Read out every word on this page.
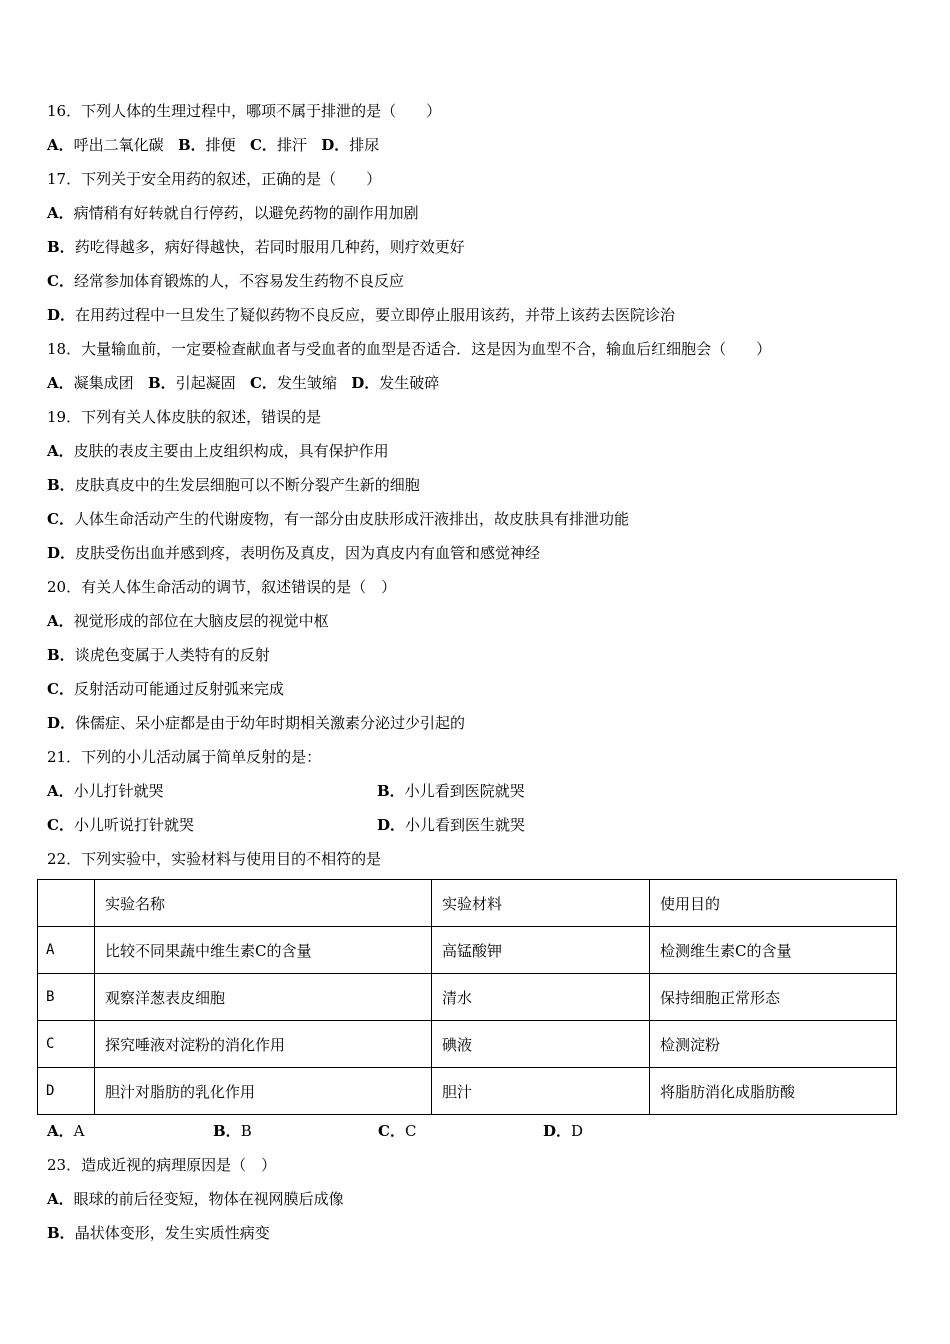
16．下列人体的生理过程中，哪项不属于排泄的是（　　）
A．呼出二氧化碳 B．排便 C．排汗 D．排尿
17．下列关于安全用药的叙述，正确的是（　　）
A．病情稍有好转就自行停药，以避免药物的副作用加剧
B．药吃得越多，病好得越快，若同时服用几种药，则疗效更好
C．经常参加体育锻炼的人，不容易发生药物不良反应
D．在用药过程中一旦发生了疑似药物不良反应，要立即停止服用该药，并带上该药去医院诊治
18．大量输血前，一定要检查献血者与受血者的血型是否适合．这是因为血型不合，输血后红细胞会（　　）
A．凝集成团 B．引起凝固 C．发生皱缩 D．发生破碎
19．下列有关人体皮肤的叙述，错误的是
A．皮肤的表皮主要由上皮组织构成，具有保护作用
B．皮肤真皮中的生发层细胞可以不断分裂产生新的细胞
C．人体生命活动产生的代谢废物，有一部分由皮肤形成汗液排出，故皮肤具有排泄功能
D．皮肤受伤出血并感到疼，表明伤及真皮，因为真皮内有血管和感觉神经
20．有关人体生命活动的调节，叙述错误的是（　）
A．视觉形成的部位在大脑皮层的视觉中枢
B．谈虎色变属于人类特有的反射
C．反射活动可能通过反射弧来完成
D．侏儒症、呆小症都是由于幼年时期相关激素分泌过少引起的
21．下列的小儿活动属于简单反射的是：
A．小儿打针就哭	B．小儿看到医院就哭
C．小儿听说打针就哭	D．小儿看到医生就哭
22．下列实验中，实验材料与使用目的不相符的是
	实验名称	实验材料	使用目的
A	比较不同果蔬中维生素C的含量	高锰酸钾	检测维生素C的含量
B	观察洋葱表皮细胞	清水	保持细胞正常形态
C	探究唾液对淀粉的消化作用	碘液	检测淀粉
D	胆汁对脂肪的乳化作用	胆汁	将脂肪消化成脂肪酸
A．A	B．B	C．C	D．D
23．造成近视的病理原因是（　）
A．眼球的前后径变短，物体在视网膜后成像
B．晶状体变形，发生实质性病变
